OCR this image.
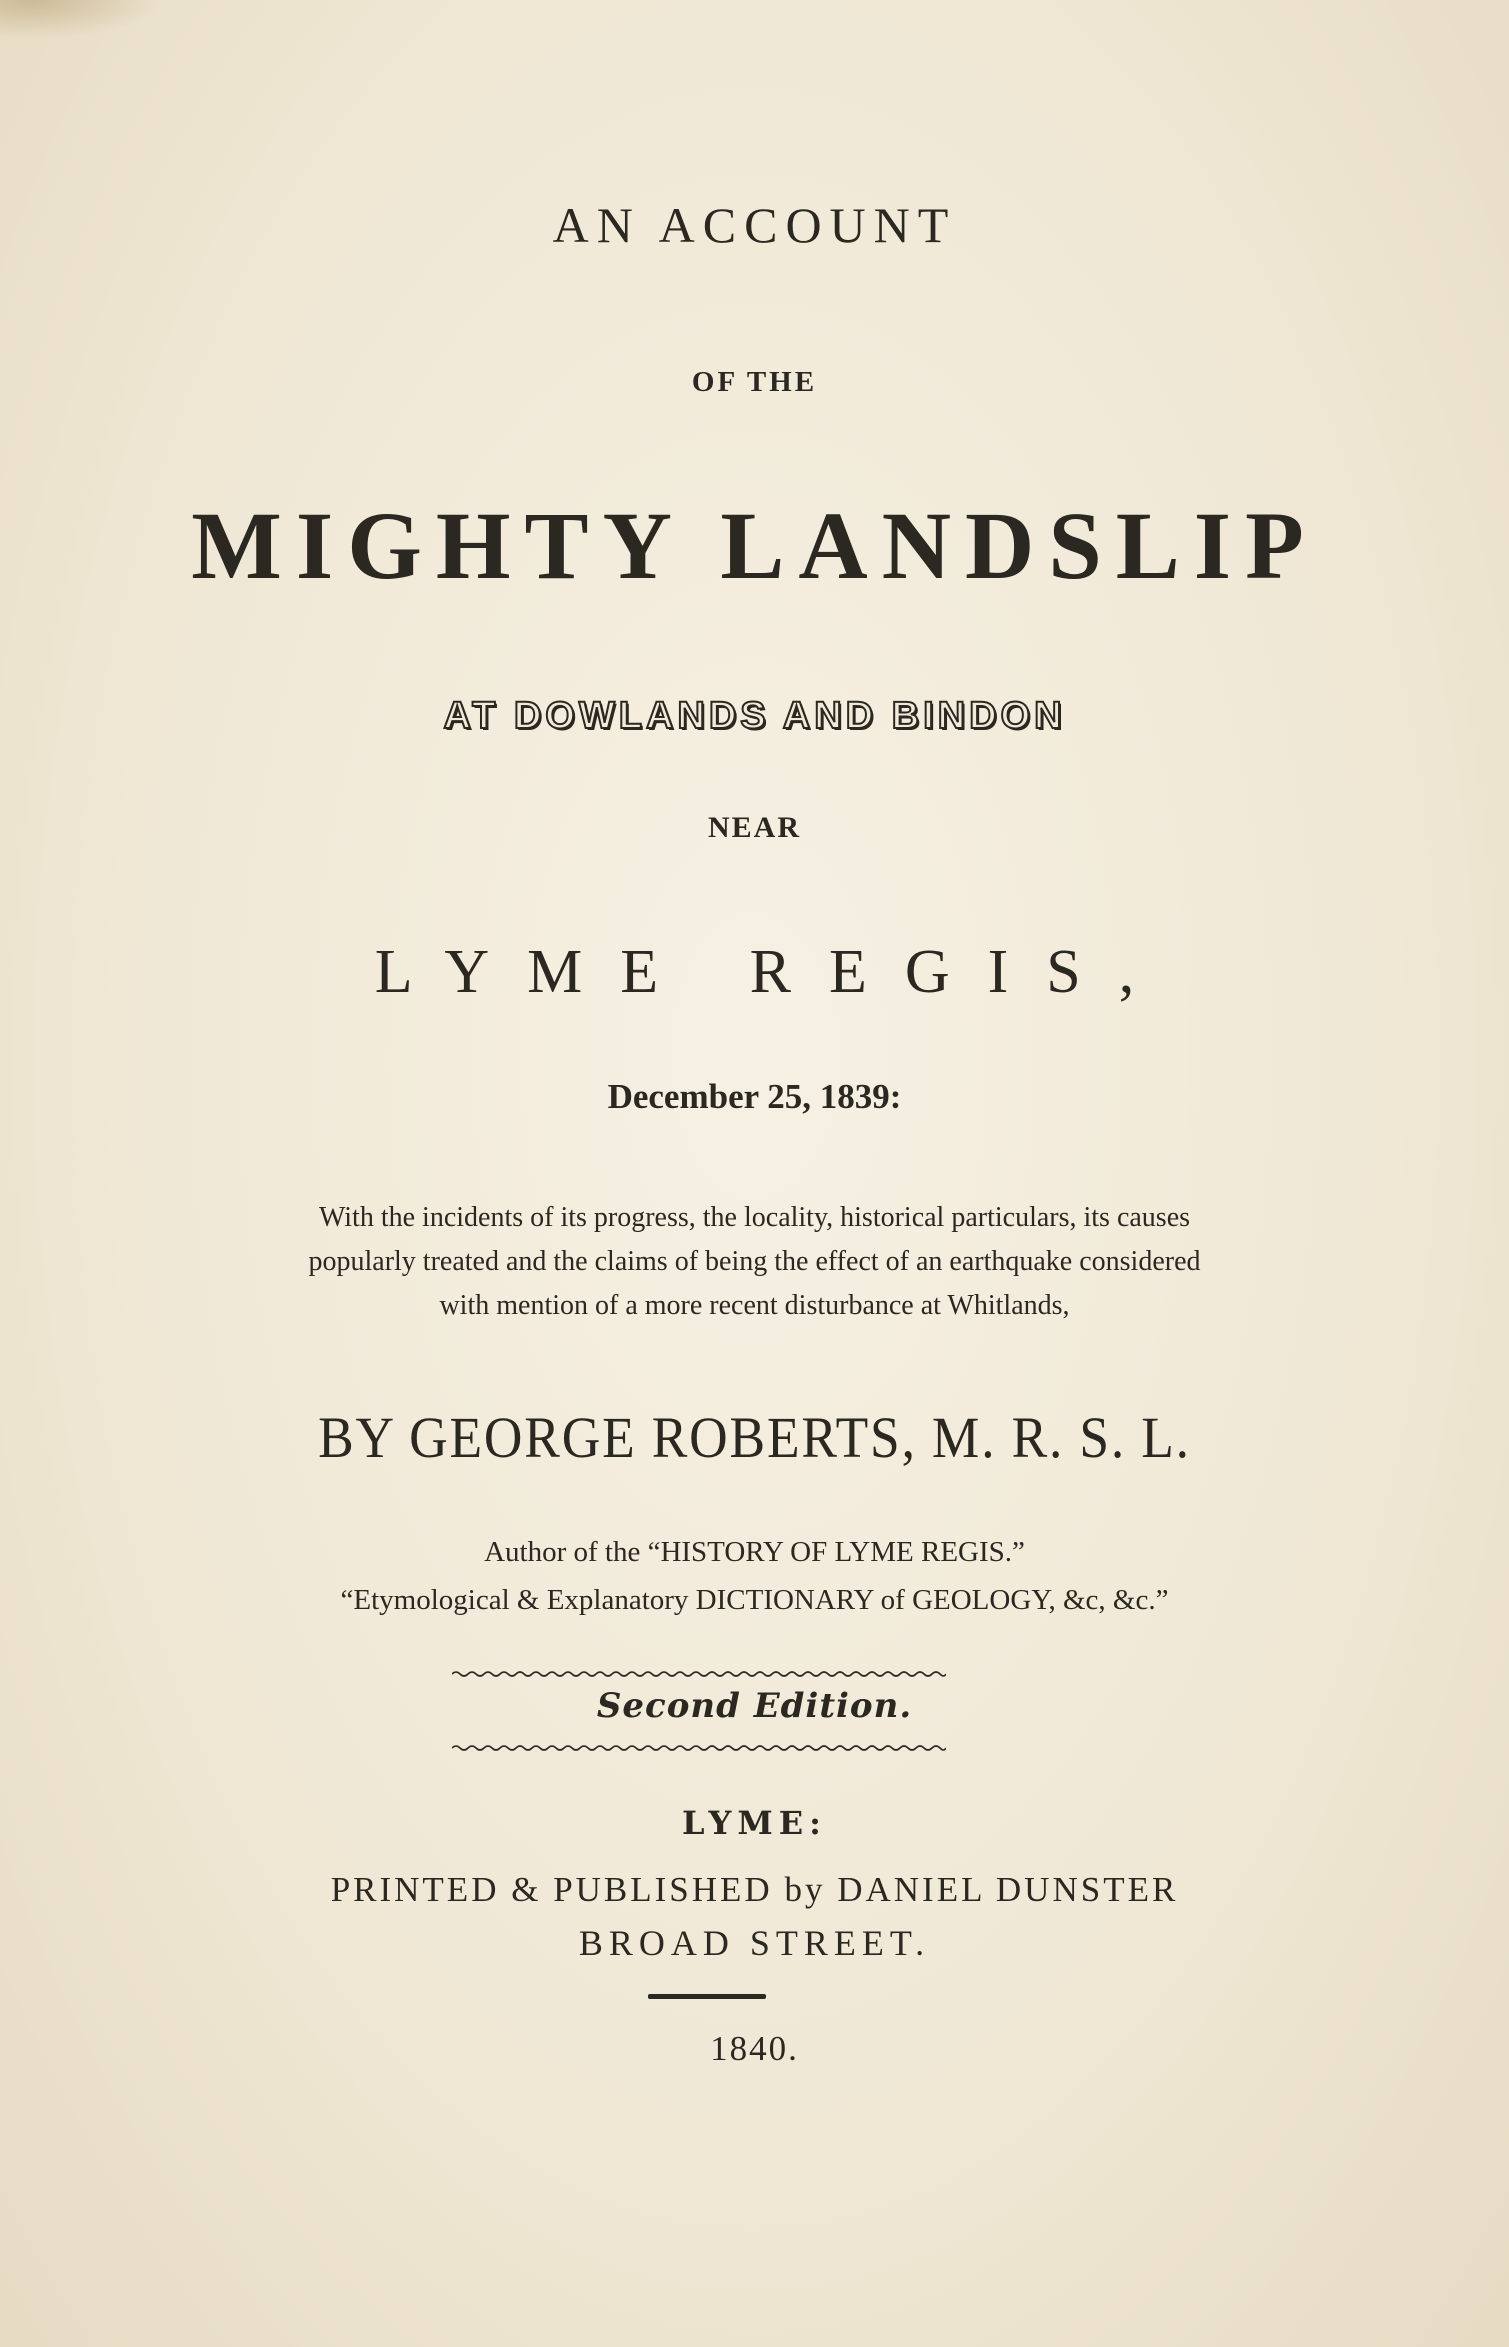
AN ACCOUNT
OF THE
MIGHTY LANDSLIP
AT DOWLANDS AND BINDON
NEAR
LYME REGIS,
December 25, 1839:
With the incidents of its progress, the locality, historical particulars, its causes
popularly treated and the claims of being the effect of an earthquake considered
with mention of a more recent disturbance at Whitlands,
BY GEORGE ROBERTS, M. R. S. L.
Author of the “HISTORY OF LYME REGIS.”
“Etymological & Explanatory DICTIONARY of GEOLOGY, &c, &c.”
Second Edition.
LYME:
PRINTED & PUBLISHED by DANIEL DUNSTER
BROAD STREET.
1840.
